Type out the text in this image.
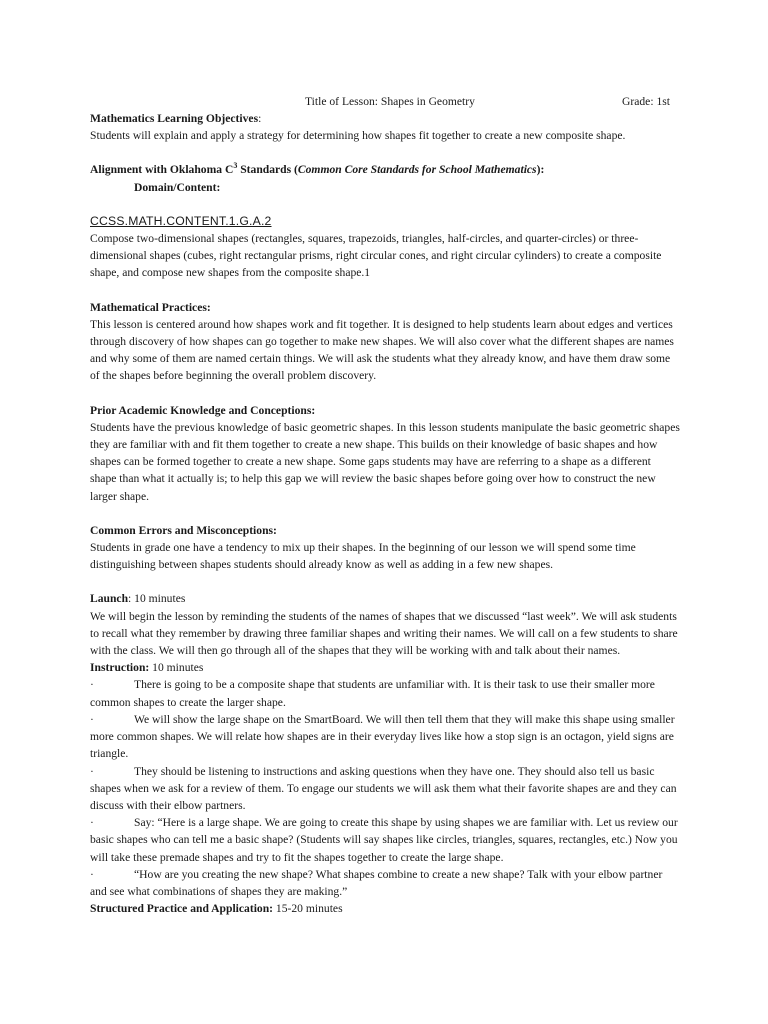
Title of Lesson: Shapes in Geometry	Grade: 1st

Mathematics Learning Objectives:

Students will explain and apply a strategy for determining how shapes fit together to create a new composite shape.

Alignment with Oklahoma $C^3$ Standards (Common Core Standards for School Mathematics):

Domain/Content:

CCSS.MATH.CONTENT.1.G.A.2

Compose two-dimensional shapes (rectangles, squares, trapezoids, triangles, half-circles, and quarter-circles) or three-dimensional shapes (cubes, right rectangular prisms, right circular cones, and right circular cylinders) to create a composite shape, and compose new shapes from the composite shape.1

Mathematical Practices:

This lesson is centered around how shapes work and fit together. It is designed to help students learn about edges and vertices through discovery of how shapes can go together to make new shapes. We will also cover what the different shapes are names and why some of them are named certain things. We will ask the students what they already know, and have them draw some of the shapes before beginning the overall problem discovery.

Prior Academic Knowledge and Conceptions:

Students have the previous knowledge of basic geometric shapes. In this lesson students manipulate the basic geometric shapes they are familiar with and fit them together to create a new shape. This builds on their knowledge of basic shapes and how shapes can be formed together to create a new shape. Some gaps students may have are referring to a shape as a different shape than what it actually is; to help this gap we will review the basic shapes before going over how to construct the new larger shape.

Common Errors and Misconceptions:

Students in grade one have a tendency to mix up their shapes. In the beginning of our lesson we will spend some time distinguishing between shapes students should already know as well as adding in a few new shapes.

Launch: 10 minutes

We will begin the lesson by reminding the students of the names of shapes that we discussed “last week”. We will ask students to recall what they remember by drawing three familiar shapes and writing their names. We will call on a few students to share with the class. We will then go through all of the shapes that they will be working with and talk about their names.

Instruction: 10 minutes

·	There is going to be a composite shape that students are unfamiliar with. It is their task to use their smaller more common shapes to create the larger shape.

·	We will show the large shape on the SmartBoard. We will then tell them that they will make this shape using smaller more common shapes. We will relate how shapes are in their everyday lives like how a stop sign is an octagon, yield signs are triangle.

·	They should be listening to instructions and asking questions when they have one. They should also tell us basic shapes when we ask for a review of them. To engage our students we will ask them what their favorite shapes are and they can discuss with their elbow partners.

·	Say: “Here is a large shape. We are going to create this shape by using shapes we are familiar with. Let us review our basic shapes who can tell me a basic shape? (Students will say shapes like circles, triangles, squares, rectangles, etc.) Now you will take these premade shapes and try to fit the shapes together to create the large shape.

·	“How are you creating the new shape? What shapes combine to create a new shape? Talk with your elbow partner and see what combinations of shapes they are making.”

Structured Practice and Application: 15-20 minutes
